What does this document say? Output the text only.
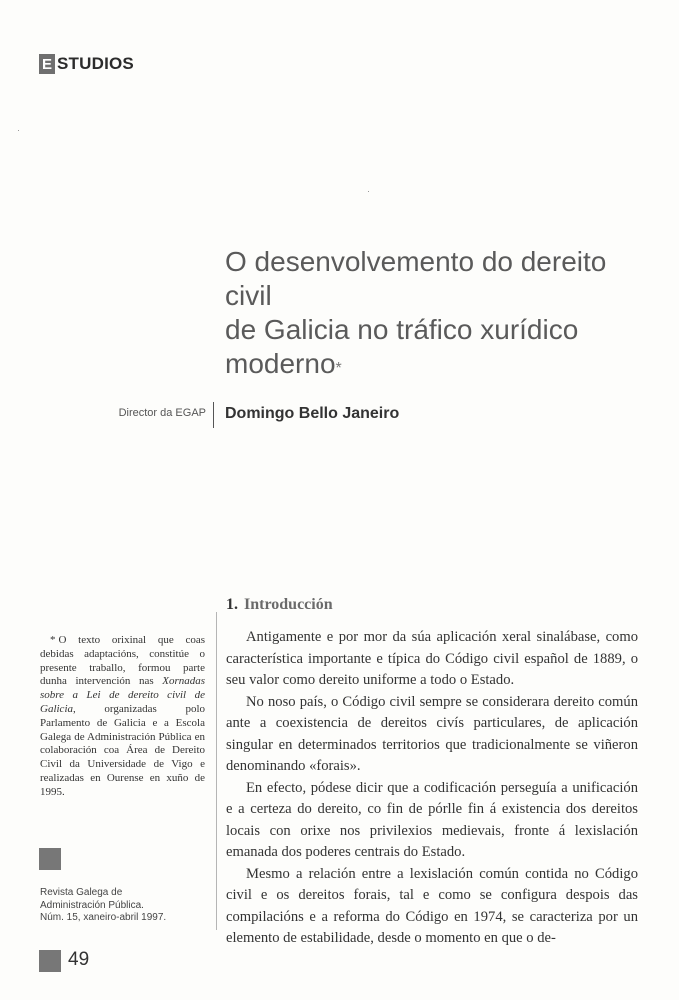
E STUDIOS
O desenvolvemento do dereito civil
de Galicia no tráfico xurídico
moderno*
Director da EGAP Domingo Bello Janeiro
1. Introducción

Antigamente e por mor da súa aplicación xeral sinalábase, como característica importante e típica do Código civil español de 1889, o seu valor como dereito uniforme a todo o Estado.

No noso país, o Código civil sempre se considerara dereito común ante a coexistencia de dereitos civís particulares, de aplicación singular en determinados territorios que tradicionalmente se viñeron denominando «forais».

En efecto, pódese dicir que a codificación perseguía a unificación e a certeza do dereito, co fin de pórlle fin á existencia dos dereitos locais con orixe nos privilexios medievais, fronte á lexislación emanada dos poderes centrais do Estado.

Mesmo a relación entre a lexislación común contida no Código civil e os dereitos forais, tal e como se configura despois das compilacións e a reforma do Código en 1974, se caracteriza por un elemento de estabilidade, desde o momento en que o de-

* O texto orixinal que coas debidas adaptacións, constitúe o presente traballo, formou parte dunha intervención nas Xornadas sobre a Lei de dereito civil de Galicia, organizadas polo Parlamento de Galicia e a Escola Galega de Administración Pública en colaboración coa Área de Dereito Civil da Universidade de Vigo e realizadas en Ourense en xuño de 1995.
Revista Galega de
Administración Pública.
Núm. 15, xaneiro-abril 1997.
49
